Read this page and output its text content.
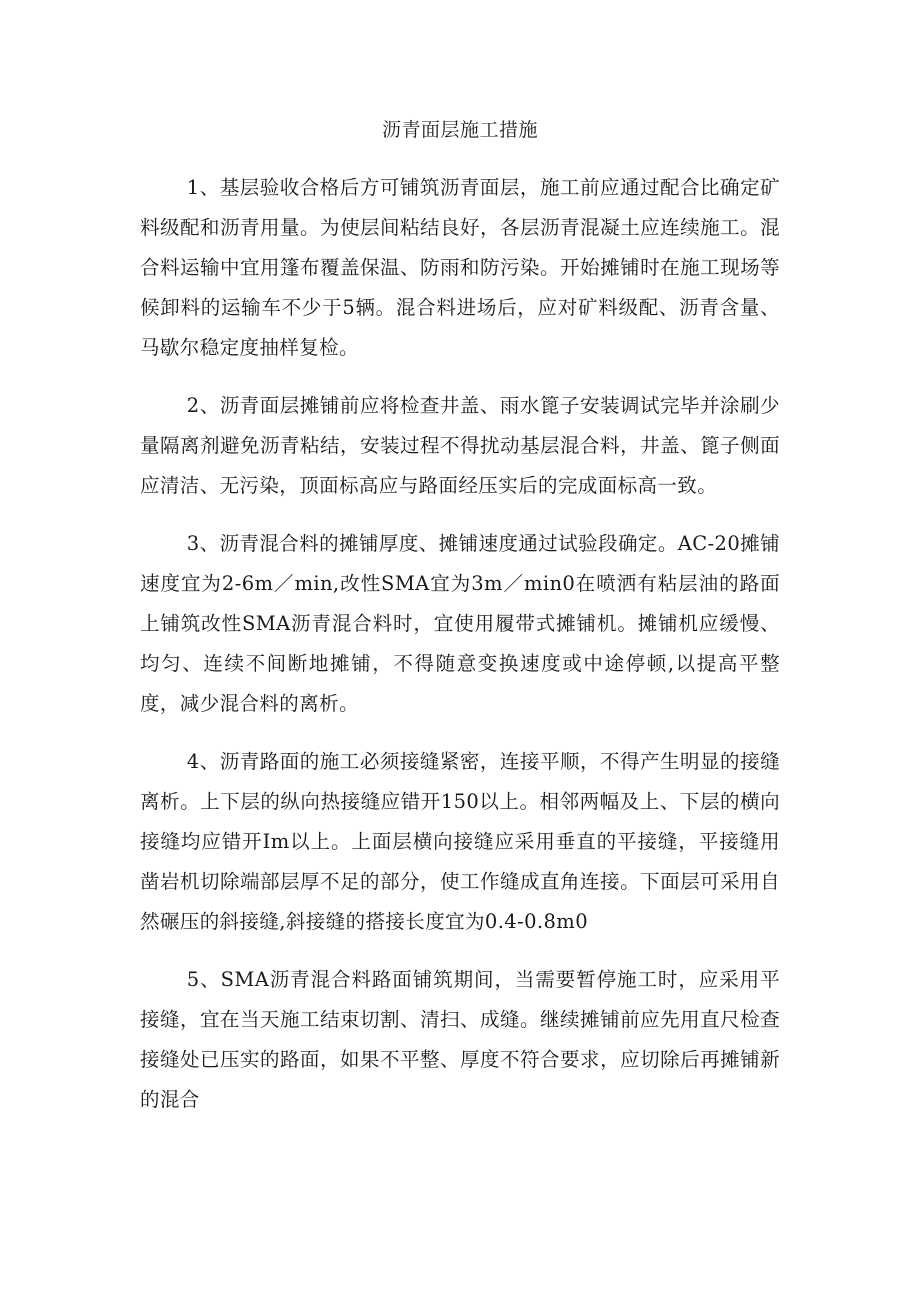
沥青面层施工措施

1、基层验收合格后方可铺筑沥青面层，施工前应通过配合比确定矿料级配和沥青用量。为使层间粘结良好，各层沥青混凝土应连续施工。混合料运输中宜用篷布覆盖保温、防雨和防污染。开始摊铺时在施工现场等候卸料的运输车不少于5辆。混合料进场后，应对矿料级配、沥青含量、马歇尔稳定度抽样复检。

2、沥青面层摊铺前应将检查井盖、雨水篦子安装调试完毕并涂刷少量隔离剂避免沥青粘结，安装过程不得扰动基层混合料，井盖、篦子侧面应清洁、无污染，顶面标高应与路面经压实后的完成面标高一致。

3、沥青混合料的摊铺厚度、摊铺速度通过试验段确定。AC-20摊铺速度宜为2-6m／min,改性SMA宜为3m／min0在喷洒有粘层油的路面上铺筑改性SMA沥青混合料时，宜使用履带式摊铺机。摊铺机应缓慢、均匀、连续不间断地摊铺，不得随意变换速度或中途停顿,以提高平整度，减少混合料的离析。

4、沥青路面的施工必须接缝紧密，连接平顺，不得产生明显的接缝离析。上下层的纵向热接缝应错开150以上。相邻两幅及上、下层的横向接缝均应错开Im以上。上面层横向接缝应采用垂直的平接缝，平接缝用凿岩机切除端部层厚不足的部分，使工作缝成直角连接。下面层可采用自然碾压的斜接缝,斜接缝的搭接长度宜为0.4-0.8m0

5、SMA沥青混合料路面铺筑期间，当需要暂停施工时，应采用平接缝，宜在当天施工结束切割、清扫、成缝。继续摊铺前应先用直尺检查接缝处已压实的路面，如果不平整、厚度不符合要求，应切除后再摊铺新的混合
